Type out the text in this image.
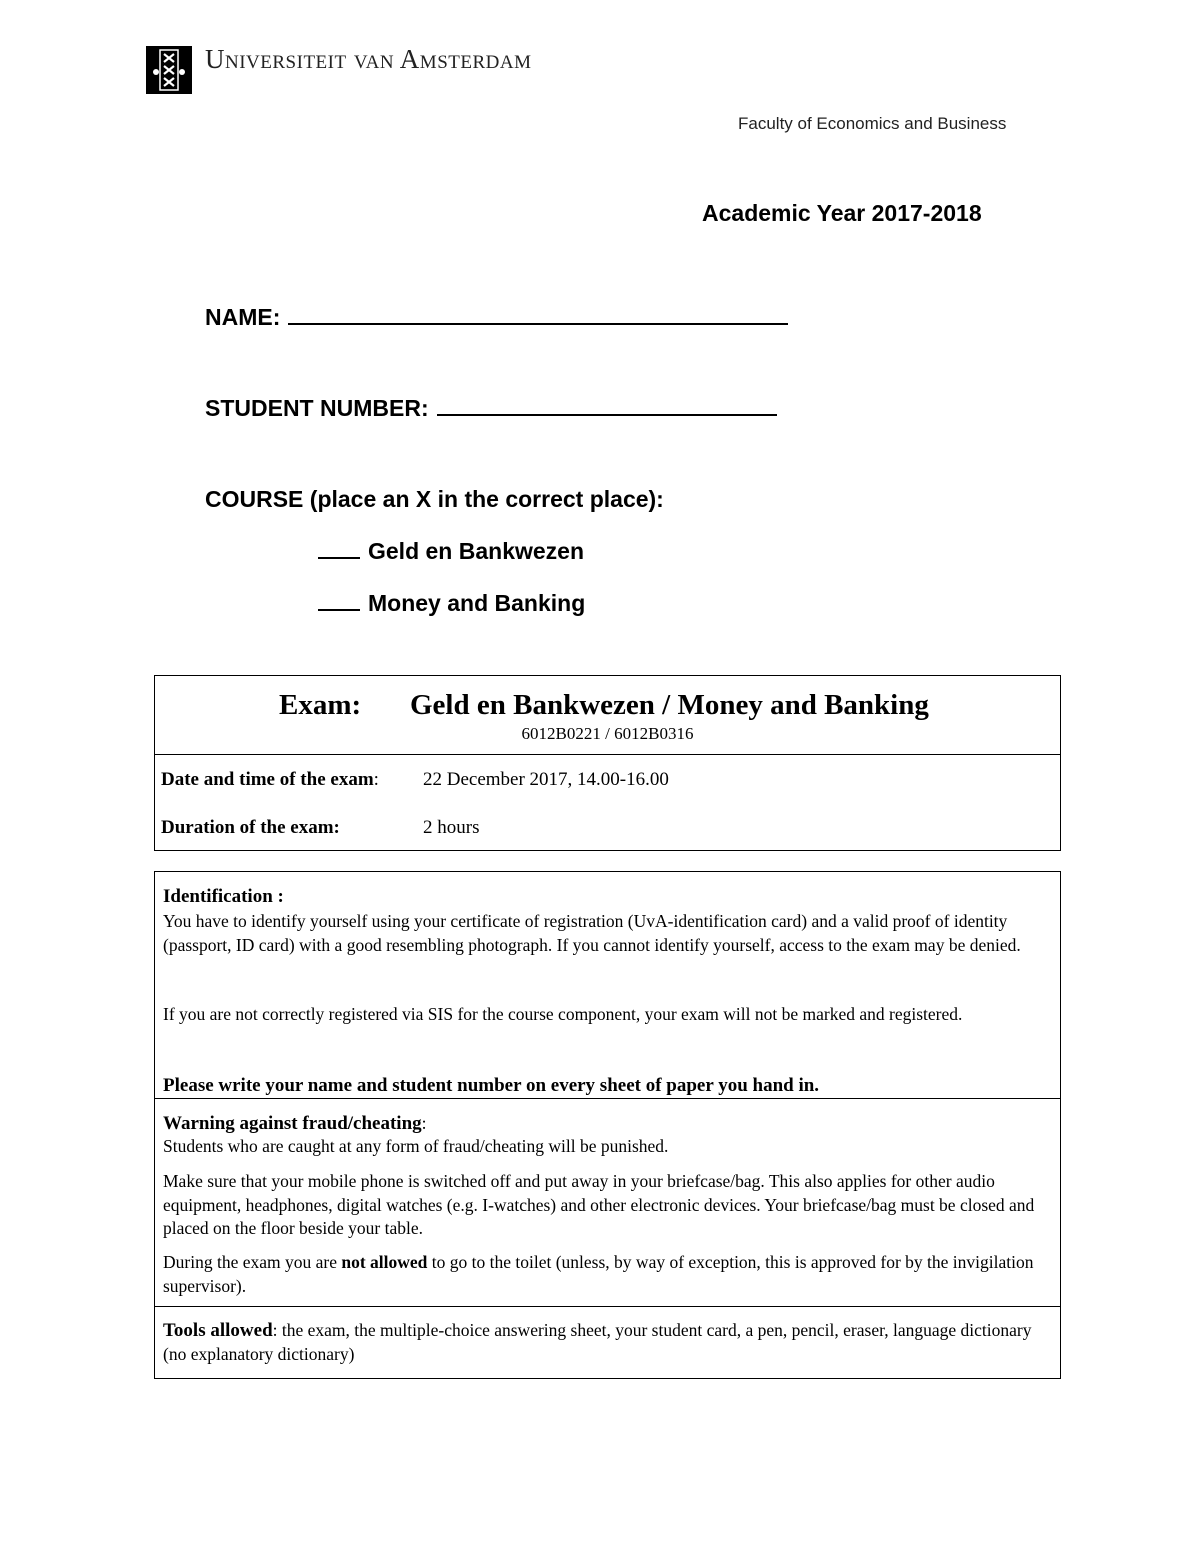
Universiteit van Amsterdam
Faculty of Economics and Business
Academic Year 2017-2018
NAME:
STUDENT NUMBER:
COURSE (place an X in the correct place):
Geld en Bankwezen
Money and Banking
Exam: Geld en Bankwezen / Money and Banking
6012B0221 / 6012B0316
Date and time of the exam: 22 December 2017, 14.00-16.00
Duration of the exam:	2 hours
Identification :
You have to identify yourself using your certificate of registration (UvA-identification card) and a valid proof of identity (passport, ID card) with a good resembling photograph. If you cannot identify yourself, access to the exam may be denied.
If you are not correctly registered via SIS for the course component, your exam will not be marked and registered.
Please write your name and student number on every sheet of paper you hand in.
Warning against fraud/cheating:
Students who are caught at any form of fraud/cheating will be punished.
Make sure that your mobile phone is switched off and put away in your briefcase/bag. This also applies for other audio equipment, headphones, digital watches (e.g. I-watches) and other electronic devices. Your briefcase/bag must be closed and placed on the floor beside your table.
During the exam you are not allowed to go to the toilet (unless, by way of exception, this is approved for by the invigilation supervisor).
Tools allowed: the exam, the multiple-choice answering sheet, your student card, a pen, pencil, eraser, language dictionary (no explanatory dictionary)
